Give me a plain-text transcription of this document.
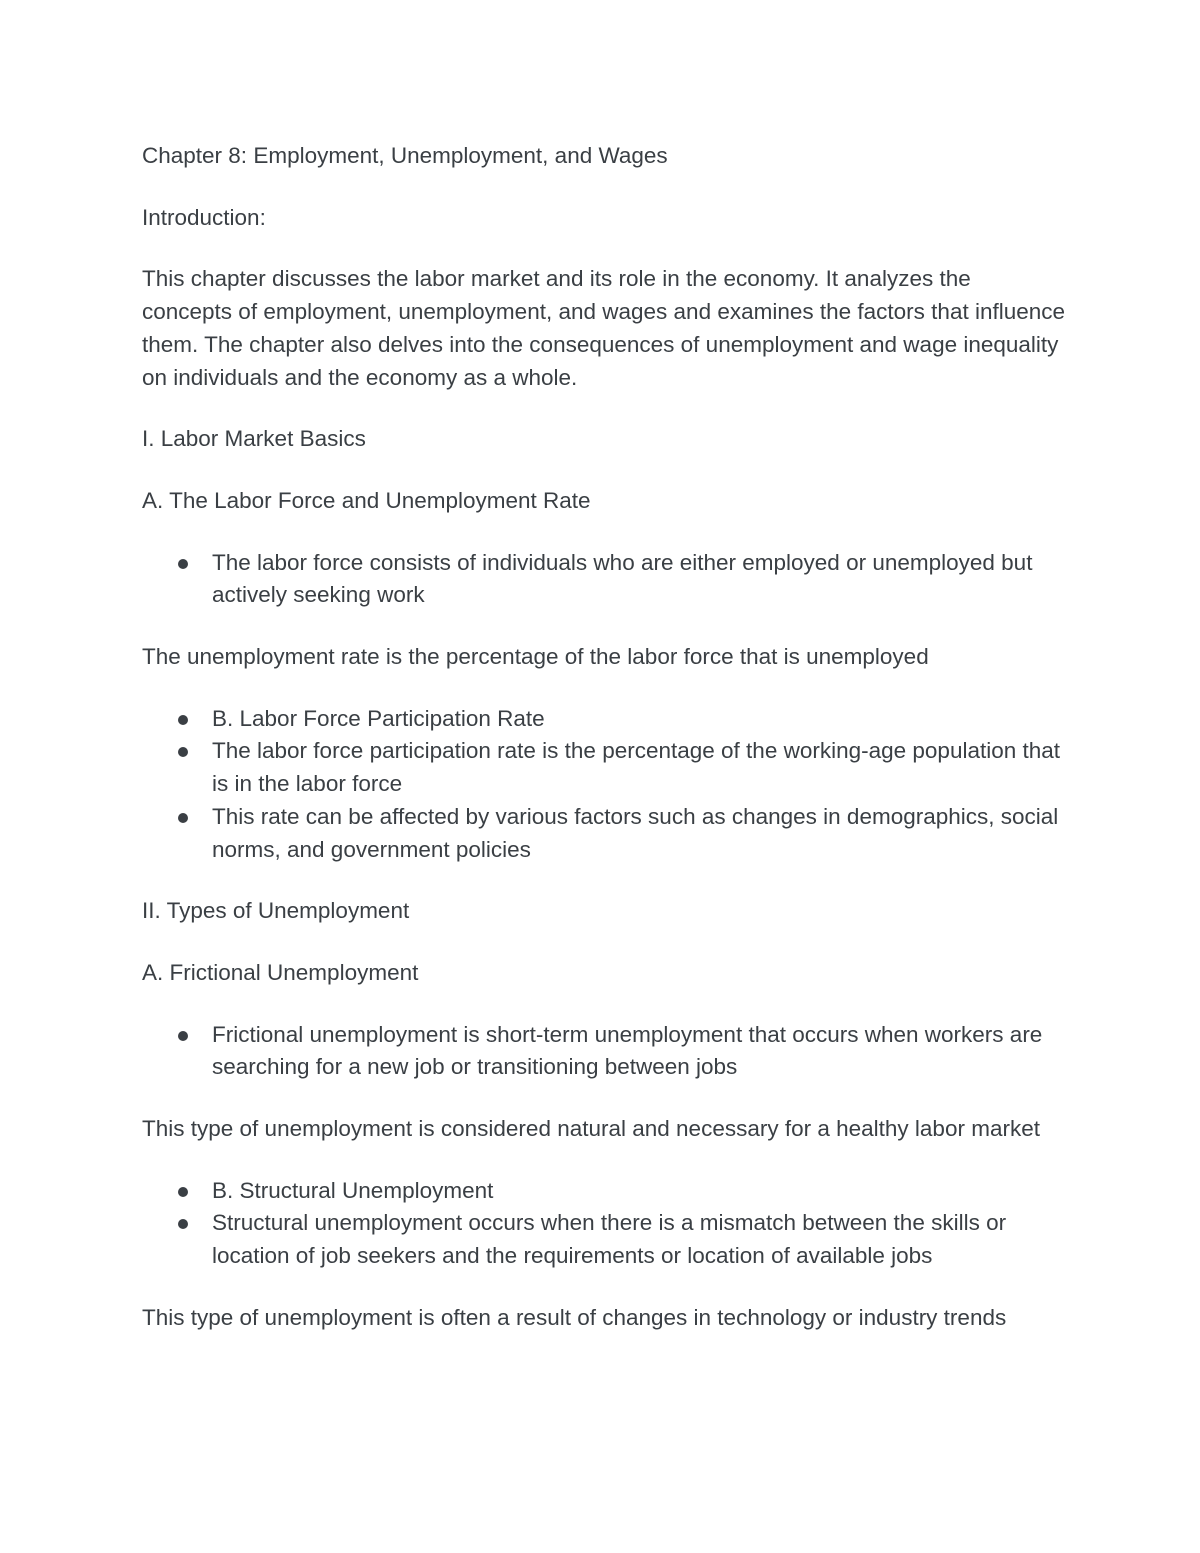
Chapter 8: Employment, Unemployment, and Wages

Introduction:

This chapter discusses the labor market and its role in the economy. It analyzes the concepts of employment, unemployment, and wages and examines the factors that influence them. The chapter also delves into the consequences of unemployment and wage inequality on individuals and the economy as a whole.

I. Labor Market Basics

A. The Labor Force and Unemployment Rate

The labor force consists of individuals who are either employed or unemployed but actively seeking work

The unemployment rate is the percentage of the labor force that is unemployed

B. Labor Force Participation Rate
The labor force participation rate is the percentage of the working-age population that is in the labor force
This rate can be affected by various factors such as changes in demographics, social norms, and government policies

II. Types of Unemployment

A. Frictional Unemployment

Frictional unemployment is short-term unemployment that occurs when workers are searching for a new job or transitioning between jobs

This type of unemployment is considered natural and necessary for a healthy labor market

B. Structural Unemployment
Structural unemployment occurs when there is a mismatch between the skills or location of job seekers and the requirements or location of available jobs

This type of unemployment is often a result of changes in technology or industry trends
